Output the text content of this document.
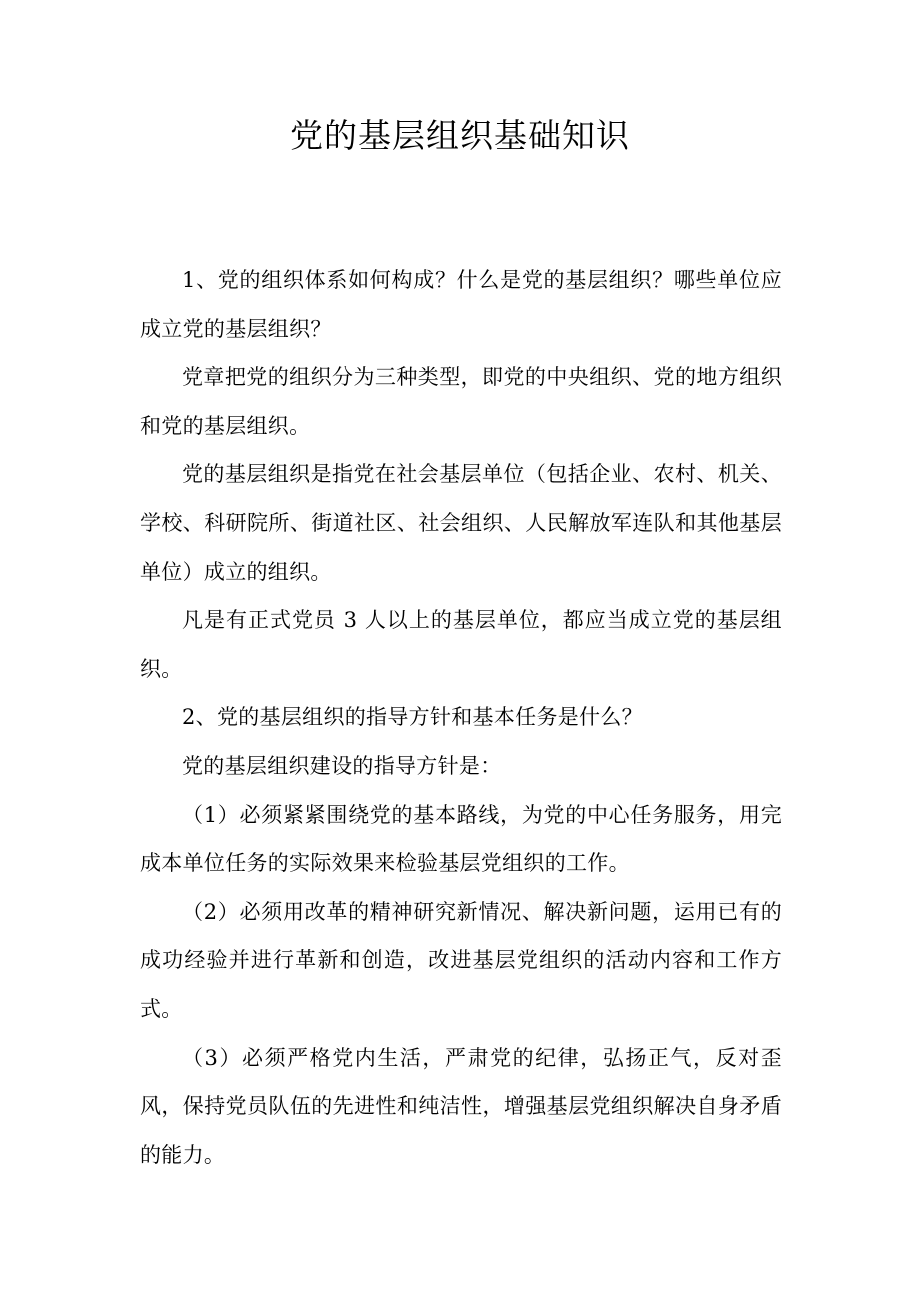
党的基层组织基础知识

1、党的组织体系如何构成？什么是党的基层组织？哪些单位应成立党的基层组织？

党章把党的组织分为三种类型，即党的中央组织、党的地方组织和党的基层组织。

党的基层组织是指党在社会基层单位（包括企业、农村、机关、学校、科研院所、街道社区、社会组织、人民解放军连队和其他基层单位）成立的组织。

凡是有正式党员 3 人以上的基层单位，都应当成立党的基层组织。

2、党的基层组织的指导方针和基本任务是什么？

党的基层组织建设的指导方针是：

（1）必须紧紧围绕党的基本路线，为党的中心任务服务，用完成本单位任务的实际效果来检验基层党组织的工作。

（2）必须用改革的精神研究新情况、解决新问题，运用已有的成功经验并进行革新和创造，改进基层党组织的活动内容和工作方式。

（3）必须严格党内生活，严肃党的纪律，弘扬正气，反对歪风，保持党员队伍的先进性和纯洁性，增强基层党组织解决自身矛盾的能力。
